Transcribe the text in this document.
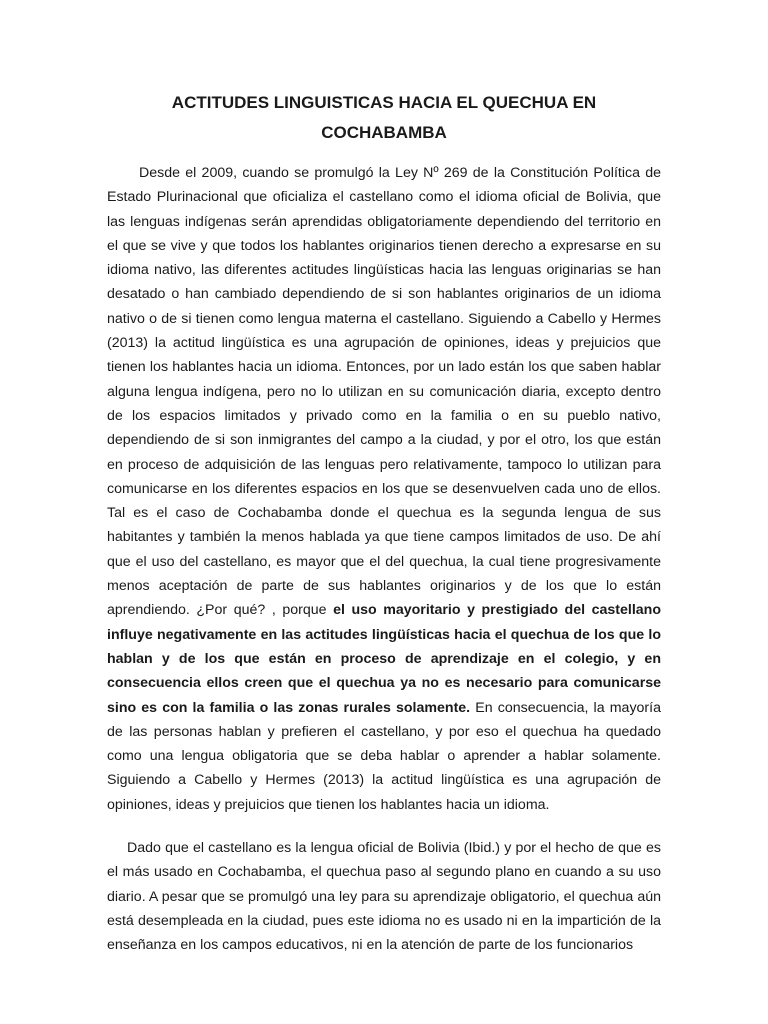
ACTITUDES LINGUISTICAS HACIA EL QUECHUA EN
COCHABAMBA

Desde el 2009, cuando se promulgó la Ley Nº 269 de la Constitución Política de Estado Plurinacional que oficializa el castellano como el idioma oficial de Bolivia, que las lenguas indígenas serán aprendidas obligatoriamente dependiendo del territorio en el que se vive y que todos los hablantes originarios tienen derecho a expresarse en su idioma nativo, las diferentes actitudes lingüísticas hacia las lenguas originarias se han desatado o han cambiado dependiendo de si son hablantes originarios de un idioma nativo o de si tienen como lengua materna el castellano. Siguiendo a Cabello y Hermes (2013) la actitud lingüística es una agrupación de opiniones, ideas y prejuicios que tienen los hablantes hacia un idioma. Entonces, por un lado están los que saben hablar alguna lengua indígena, pero no lo utilizan en su comunicación diaria, excepto dentro de los espacios limitados y privado como en la familia o en su pueblo nativo, dependiendo de si son inmigrantes del campo a la ciudad, y por el otro, los que están en proceso de adquisición de las lenguas pero relativamente, tampoco lo utilizan para comunicarse en los diferentes espacios en los que se desenvuelven cada uno de ellos. Tal es el caso de Cochabamba donde el quechua es la segunda lengua de sus habitantes y también la menos hablada ya que tiene campos limitados de uso. De ahí que el uso del castellano, es mayor que el del quechua, la cual tiene progresivamente menos aceptación de parte de sus hablantes originarios y de los que lo están aprendiendo. ¿Por qué? , porque el uso mayoritario y prestigiado del castellano influye negativamente en las actitudes lingüísticas hacia el quechua de los que lo hablan y de los que están en proceso de aprendizaje en el colegio, y en consecuencia ellos creen que el quechua ya no es necesario para comunicarse sino es con la familia o las zonas rurales solamente. En consecuencia, la mayoría de las personas hablan y prefieren el castellano, y por eso el quechua ha quedado como una lengua obligatoria que se deba hablar o aprender a hablar solamente. Siguiendo a Cabello y Hermes (2013) la actitud lingüística es una agrupación de opiniones, ideas y prejuicios que tienen los hablantes hacia un idioma.

Dado que el castellano es la lengua oficial de Bolivia (Ibid.) y por el hecho de que es el más usado en Cochabamba, el quechua paso al segundo plano en cuando a su uso diario. A pesar que se promulgó una ley para su aprendizaje obligatorio, el quechua aún está desempleada en la ciudad, pues este idioma no es usado ni en la impartición de la enseñanza en los campos educativos, ni en la atención de parte de los funcionarios
